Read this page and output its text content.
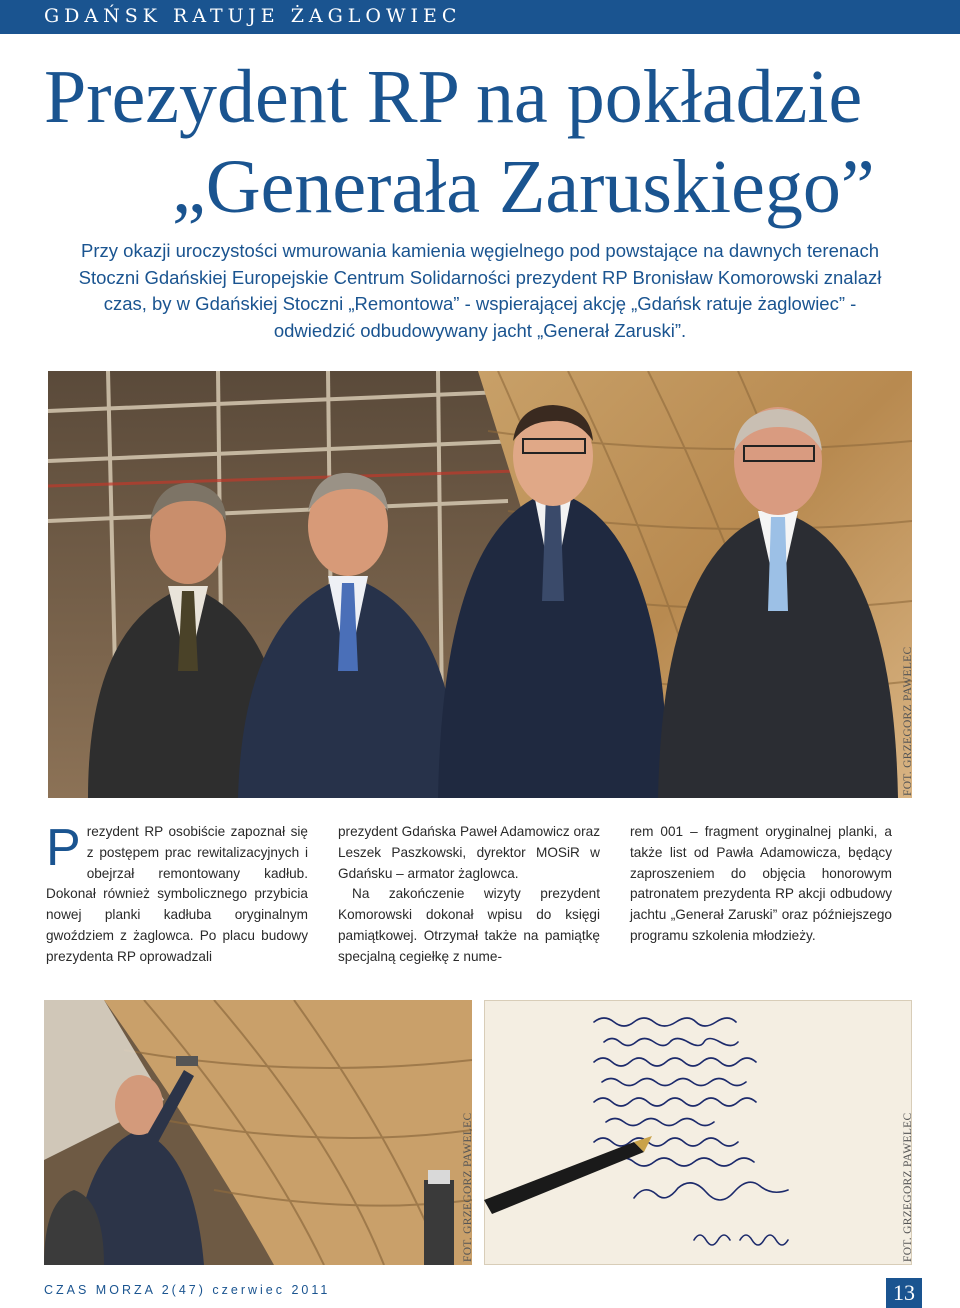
GDAŃSK RATUJE ŻAGLOWIEC
Prezydent RP na pokładzie
„Generała Zaruskiego”
Przy okazji uroczystości wmurowania kamienia węgielnego pod powstające na dawnych terenach Stoczni Gdańskiej Europejskie Centrum Solidarności prezydent RP Bronisław Komorowski znalazł czas, by w Gdańskiej Stoczni „Remontowa” - wspierającej akcję „Gdańsk ratuje żaglowiec” - odwiedzić odbudowywany jacht „Generał Zaruski”.
FOT. GRZEGORZ PAWELEC
P rezydent RP osobiście zapoznał się z postępem prac rewitalizacyjnych i obejrzał remontowany kadłub. Dokonał również symbolicznego przybicia nowej planki kadłuba oryginalnym gwoździem z żaglowca. Po placu budowy prezydenta RP oprowadzali

prezydent Gdańska Paweł Adamowicz oraz Leszek Paszkowski, dyrektor MOSiR w Gdańsku – armator żaglowca.

Na zakończenie wizyty prezydent Komorowski dokonał wpisu do księgi pamiątkowej. Otrzymał także na pamiątkę specjalną cegiełkę z nume-

rem 001 – fragment oryginalnej planki, a także list od Pawła Adamowicza, będący zaproszeniem do objęcia honorowym patronatem prezydenta RP akcji odbudowy jachtu „Generał Zaruski” oraz późniejszego programu szkolenia młodzieży.

FOT. GRZEGORZ PAWELEC	FOT. GRZEGORZ PAWELEC
CZAS MORZA 2(47) czerwiec 2011	13
